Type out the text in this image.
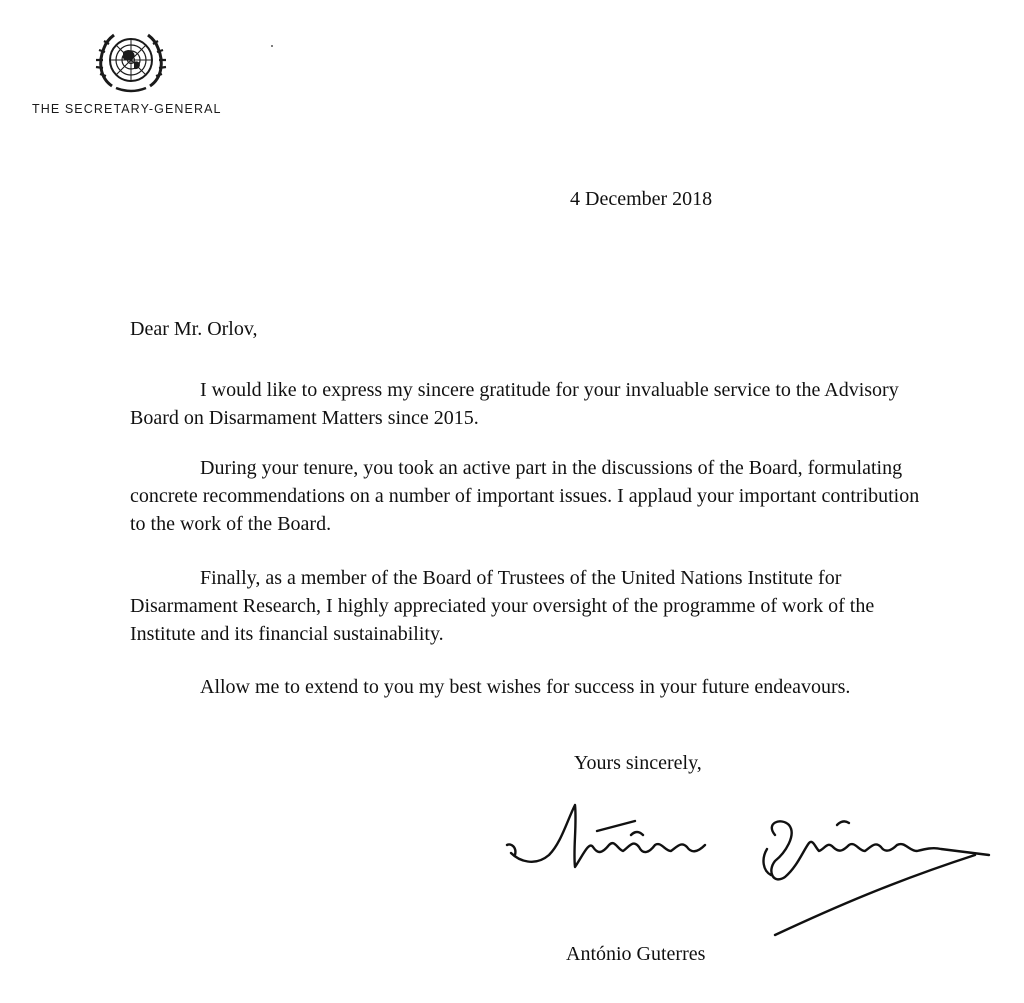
THE SECRETARY-GENERAL
4 December 2018
Dear Mr. Orlov,

I would like to express my sincere gratitude for your invaluable service to the Advisory Board on Disarmament Matters since 2015.

During your tenure, you took an active part in the discussions of the Board, formulating concrete recommendations on a number of important issues. I applaud your important contribution to the work of the Board.

Finally, as a member of the Board of Trustees of the United Nations Institute for Disarmament Research, I highly appreciated your oversight of the programme of work of the Institute and its financial sustainability.

Allow me to extend to you my best wishes for success in your future endeavours.

Yours sincerely,
António Guterres
